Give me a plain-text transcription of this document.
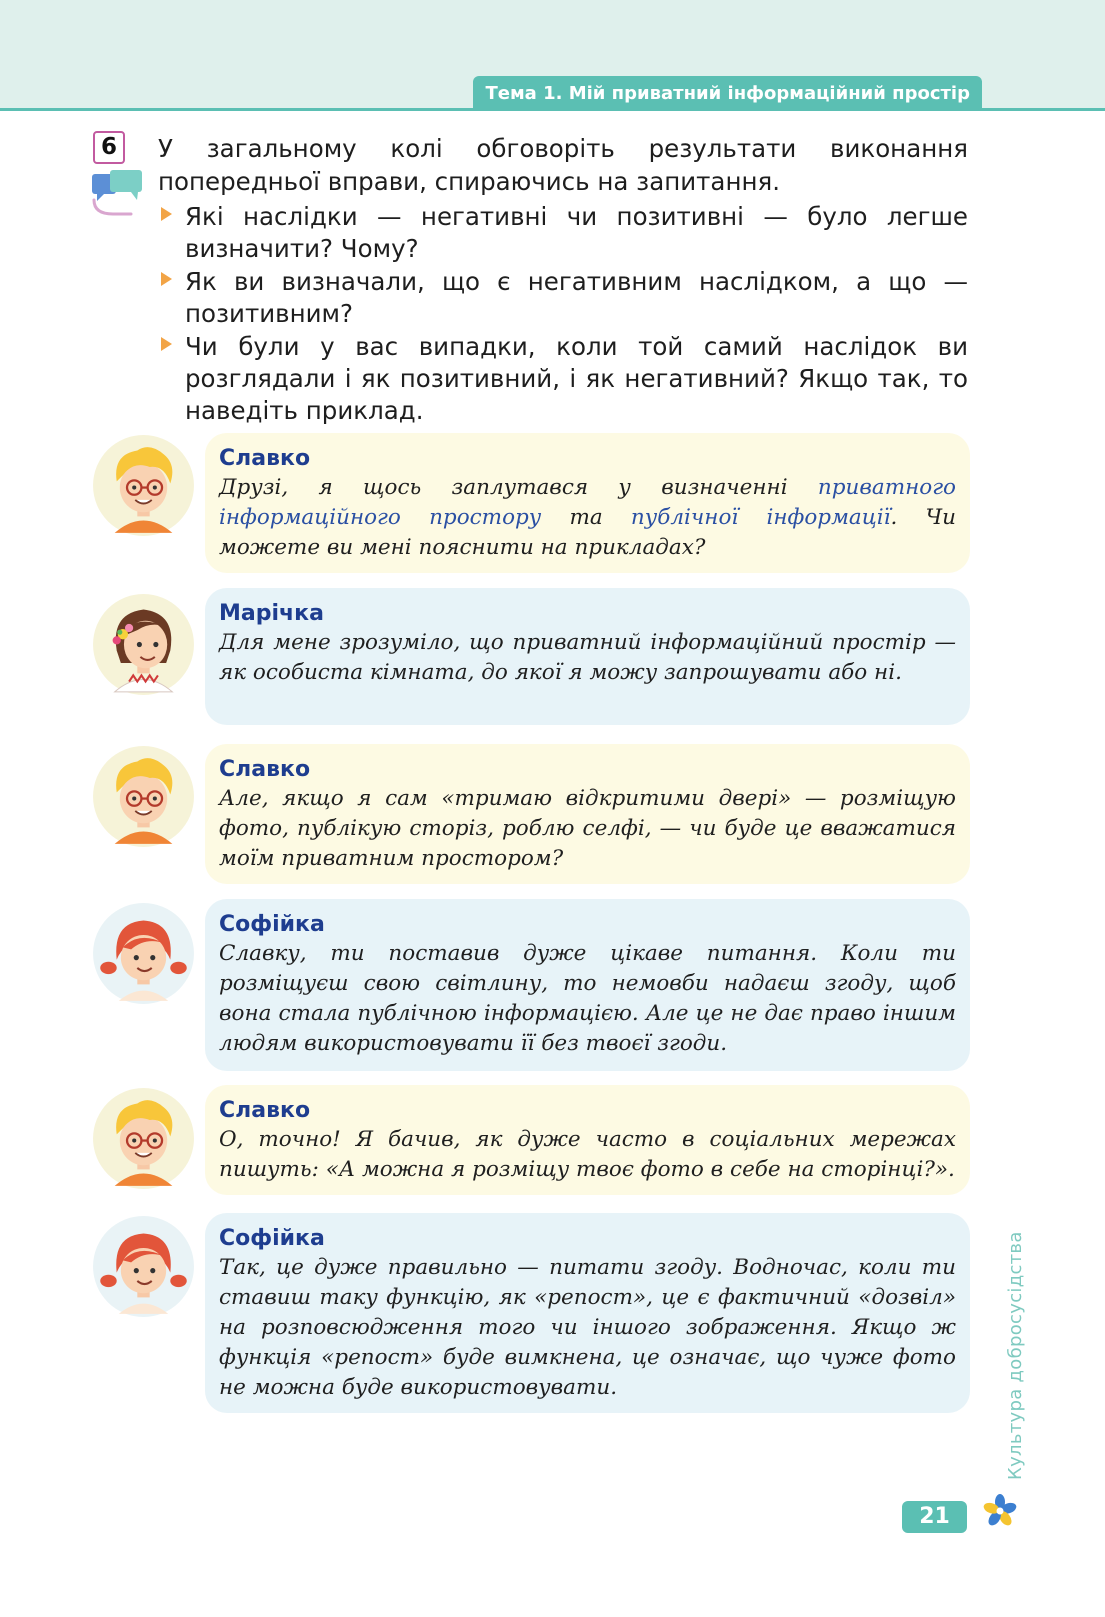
Тема 1. Мій приватний інформаційний простір
6	У загальному колі обговоріть результати виконання попередньої вправи, спираючись на запитання.

Які наслідки — негативні чи позитивні — було легше визначити? Чому?
Як ви визначали, що є негативним наслідком, а що — позитивним?
Чи були у вас випадки, коли той самий наслідок ви розглядали і як позитивний, і як негативний? Якщо так, то наведіть приклад.
Славко
Друзі, я щось заплутався у визначенні приватного інформаційного простору та публічної інформації. Чи можете ви мені пояснити на прикладах?
Марічка
Для мене зрозуміло, що приватний інформаційний простір — як особиста кімната, до якої я можу запрошувати або ні.
Славко
Але, якщо я сам «тримаю відкритими двері» — розміщую фото, публікую сторіз, роблю селфі, — чи буде це вважатися моїм приватним простором?
Софійка
Славку, ти поставив дуже цікаве питання. Коли ти розміщуєш свою світлину, то немовби надаєш згоду, щоб вона стала публічною інформацією. Але це не дає право іншим людям використовувати її без твоєї згоди.
Славко
О, точно! Я бачив, як дуже часто в соціальних мережах пишуть: «А можна я розміщу твоє фото в себе на сторінці?».
Софійка
Так, це дуже правильно — питати згоду. Водночас, коли ти ставиш таку функцію, як «репост», це є фактичний «дозвіл» на розповсюдження того чи іншого зображення. Якщо ж функція «репост» буде вимкнена, це означає, що чуже фото не можна буде використовувати.	Культура добросусідства
21
